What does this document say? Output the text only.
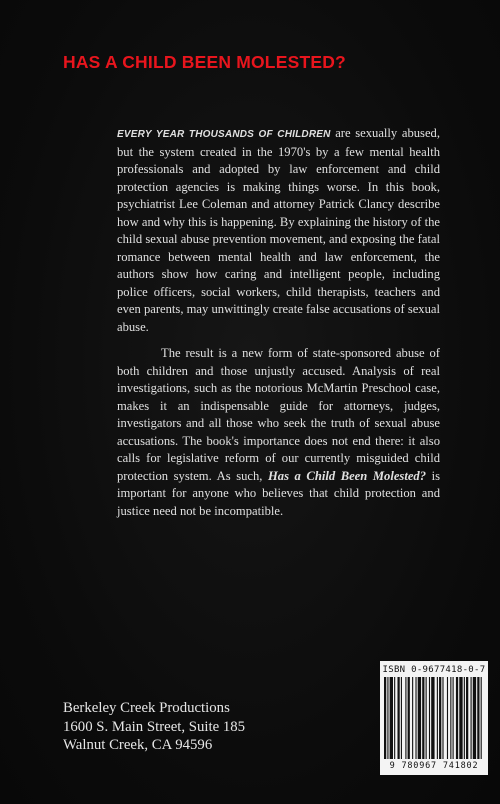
HAS A CHILD BEEN MOLESTED?

EVERY YEAR THOUSANDS OF CHILDREN are sexually abused, but the system created in the 1970's by a few mental health professionals and adopted by law enforcement and child protection agencies is making things worse. In this book, psychiatrist Lee Coleman and attorney Patrick Clancy describe how and why this is happening. By explaining the history of the child sexual abuse prevention movement, and exposing the fatal romance between mental health and law enforcement, the authors show how caring and intelligent people, including police officers, social workers, child therapists, teachers and even parents, may unwittingly create false accusations of sexual abuse.

The result is a new form of state-sponsored abuse of both children and those unjustly accused. Analysis of real investigations, such as the notorious McMartin Preschool case, makes it an indispensable guide for attorneys, judges, investigators and all those who seek the truth of sexual abuse accusations. The book's importance does not end there: it also calls for legislative reform of our currently misguided child protection system. As such, Has a Child Been Molested? is important for anyone who believes that child protection and justice need not be incompatible.

Berkeley Creek Productions
1600 S. Main Street, Suite 185
Walnut Creek, CA 94596
ISBN 0-9677418-0-7
9 780967 741802
